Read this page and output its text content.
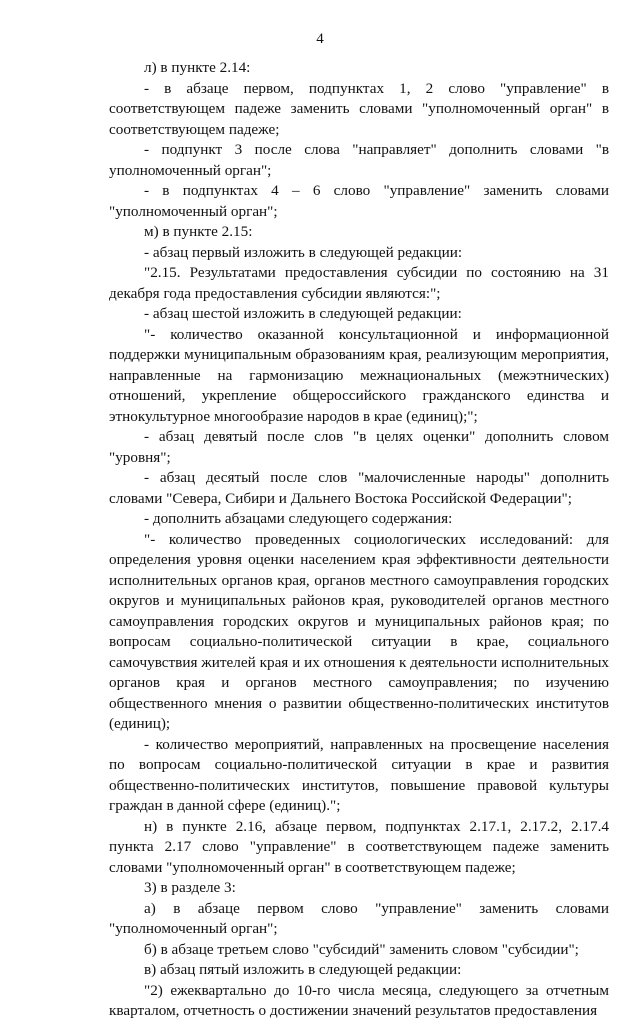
4

л) в пункте 2.14:

- в абзаце первом, подпунктах 1, 2 слово "управление" в соответствующем падеже заменить словами "уполномоченный орган" в соответствующем падеже;

- подпункт 3 после слова "направляет" дополнить словами "в уполномоченный орган";

- в подпунктах 4 – 6 слово "управление" заменить словами "уполномоченный орган";

м) в пункте 2.15:

- абзац первый изложить в следующей редакции:

"2.15. Результатами предоставления субсидии по состоянию на 31 декабря года предоставления субсидии являются:";

- абзац шестой изложить в следующей редакции:

"- количество оказанной консультационной и информационной поддержки муниципальным образованиям края, реализующим мероприятия, направленные на гармонизацию межнациональных (межэтнических) отношений, укрепление общероссийского гражданского единства и этнокультурное многообразие народов в крае (единиц);";

- абзац девятый после слов "в целях оценки" дополнить словом "уровня";

- абзац десятый после слов "малочисленные народы" дополнить словами "Севера, Сибири и Дальнего Востока Российской Федерации";

- дополнить абзацами следующего содержания:

"- количество проведенных социологических исследований: для определения уровня оценки населением края эффективности деятельности исполнительных органов края, органов местного самоуправления городских округов и муниципальных районов края, руководителей органов местного самоуправления городских округов и муниципальных районов края; по вопросам социально-политической ситуации в крае, социального самочувствия жителей края и их отношения к деятельности исполнительных органов края и органов местного самоуправления; по изучению общественного мнения о развитии общественно-политических институтов (единиц);

- количество мероприятий, направленных на просвещение населения по вопросам социально-политической ситуации в крае и развития общественно-политических институтов, повышение правовой культуры граждан в данной сфере (единиц).";

н) в пункте 2.16, абзаце первом, подпунктах 2.17.1, 2.17.2, 2.17.4 пункта 2.17 слово "управление" в соответствующем падеже заменить словами "уполномоченный орган" в соответствующем падеже;

3) в разделе 3:

а) в абзаце первом слово "управление" заменить словами "уполномоченный орган";

б) в абзаце третьем слово "субсидий" заменить словом "субсидии";

в) абзац пятый изложить в следующей редакции:

"2) ежеквартально до 10-го числа месяца, следующего за отчетным кварталом, отчетность о достижении значений результатов предоставления
